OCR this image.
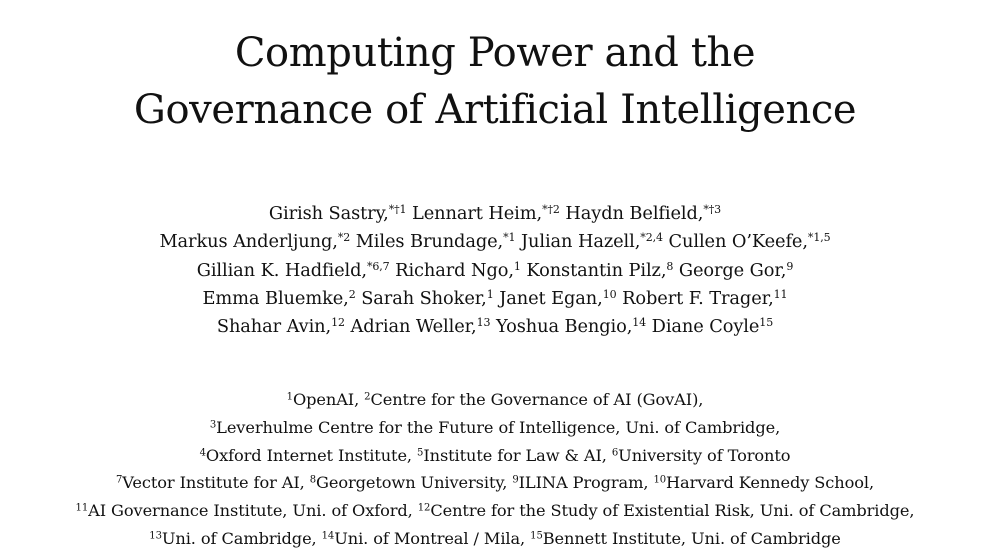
Computing Power and the
Governance of Artificial Intelligence
Girish Sastry,$^{*\dagger 1}$ Lennart Heim,$^{*\dagger 2}$ Haydn Belfield,$^{*\dagger 3}$
Markus Anderljung,$^{*2}$ Miles Brundage,$^{*1}$ Julian Hazell,$^{*2,4}$ Cullen O’Keefe,$^{*1,5}$
Gillian K. Hadfield,$^{*6,7}$ Richard Ngo,$^1$ Konstantin Pilz,$^8$ George Gor,$^9$
Emma Bluemke,$^2$ Sarah Shoker,$^1$ Janet Egan,$^{10}$ Robert F. Trager,$^{11}$
Shahar Avin,$^{12}$ Adrian Weller,$^{13}$ Yoshua Bengio,$^{14}$ Diane Coyle$^{15}$
$^1$OpenAI, $^2$Centre for the Governance of AI (GovAI),
$^3$Leverhulme Centre for the Future of Intelligence, Uni. of Cambridge,
$^4$Oxford Internet Institute, $^5$Institute for Law & AI, $^6$University of Toronto
$^7$Vector Institute for AI, $^8$Georgetown University, $^9$ILINA Program, $^{10}$Harvard Kennedy School,
$^{11}$AI Governance Institute, Uni. of Oxford, $^{12}$Centre for the Study of Existential Risk, Uni. of Cambridge,
$^{13}$Uni. of Cambridge, $^{14}$Uni. of Montreal / Mila, $^{15}$Bennett Institute, Uni. of Cambridge
